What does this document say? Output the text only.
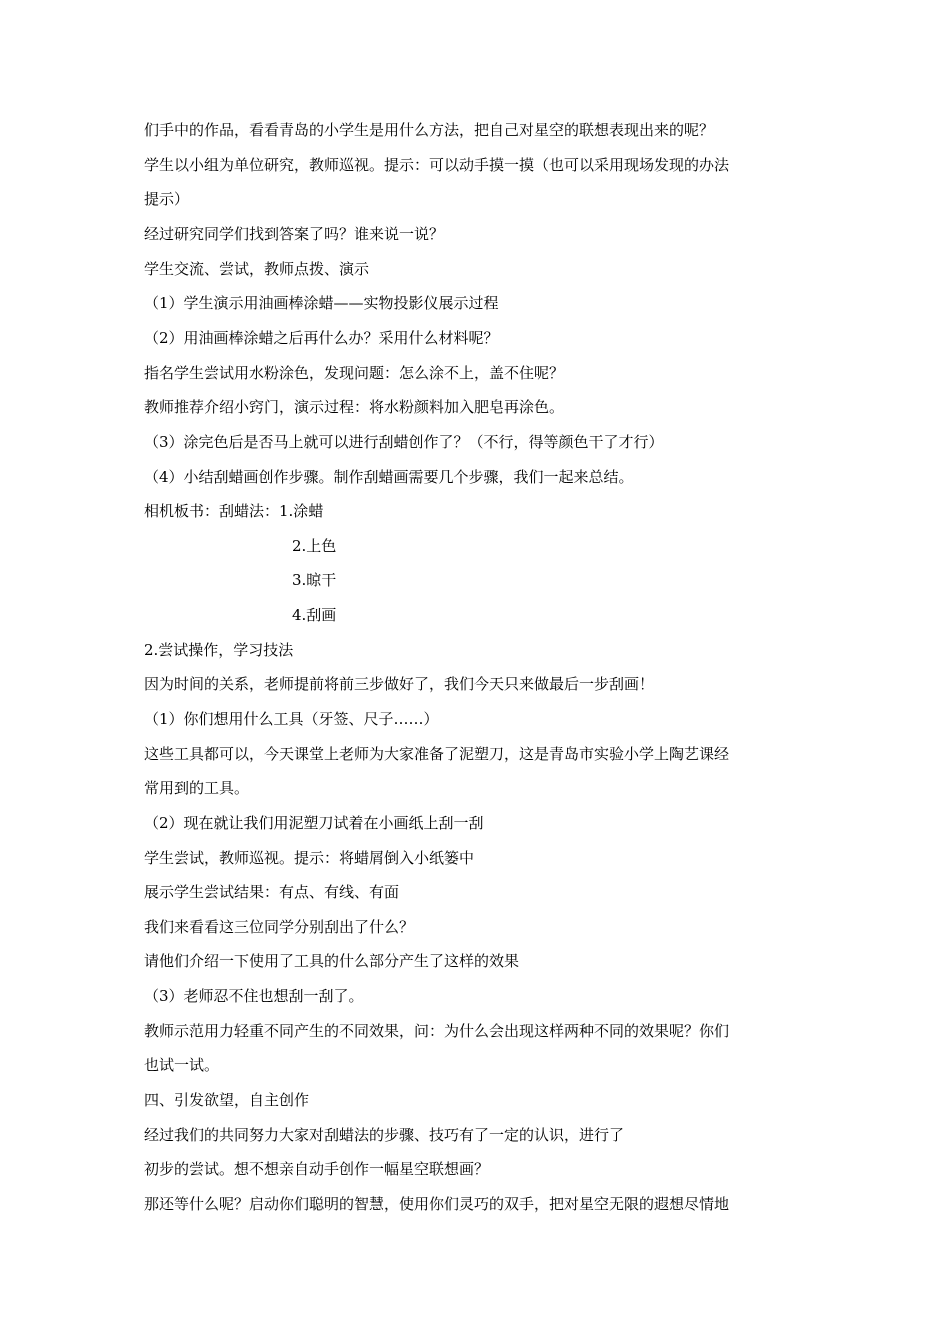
们手中的作品，看看青岛的小学生是用什么方法，把自己对星空的联想表现出来的呢？
学生以小组为单位研究，教师巡视。提示：可以动手摸一摸（也可以采用现场发现的办法
提示）
经过研究同学们找到答案了吗？谁来说一说？
学生交流、尝试，教师点拨、演示
（1）学生演示用油画棒涂蜡——实物投影仪展示过程
（2）用油画棒涂蜡之后再什么办？采用什么材料呢？
指名学生尝试用水粉涂色，发现问题：怎么涂不上，盖不住呢？
教师推荐介绍小窍门，演示过程：将水粉颜料加入肥皂再涂色。
（3）涂完色后是否马上就可以进行刮蜡创作了？（不行，得等颜色干了才行）
（4）小结刮蜡画创作步骤。制作刮蜡画需要几个步骤，我们一起来总结。
相机板书：刮蜡法：1.涂蜡
2.上色
3.晾干
4.刮画
2.尝试操作，学习技法
因为时间的关系，老师提前将前三步做好了，我们今天只来做最后一步刮画！
（1）你们想用什么工具（牙签、尺子……）
这些工具都可以，今天课堂上老师为大家准备了泥塑刀，这是青岛市实验小学上陶艺课经
常用到的工具。
（2）现在就让我们用泥塑刀试着在小画纸上刮一刮
学生尝试，教师巡视。提示：将蜡屑倒入小纸篓中
展示学生尝试结果：有点、有线、有面
我们来看看这三位同学分别刮出了什么？
请他们介绍一下使用了工具的什么部分产生了这样的效果
（3）老师忍不住也想刮一刮了。
教师示范用力轻重不同产生的不同效果，问：为什么会出现这样两种不同的效果呢？你们
也试一试。
四、引发欲望，自主创作
经过我们的共同努力大家对刮蜡法的步骤、技巧有了一定的认识，进行了
初步的尝试。想不想亲自动手创作一幅星空联想画？
那还等什么呢？启动你们聪明的智慧，使用你们灵巧的双手，把对星空无限的遐想尽情地
